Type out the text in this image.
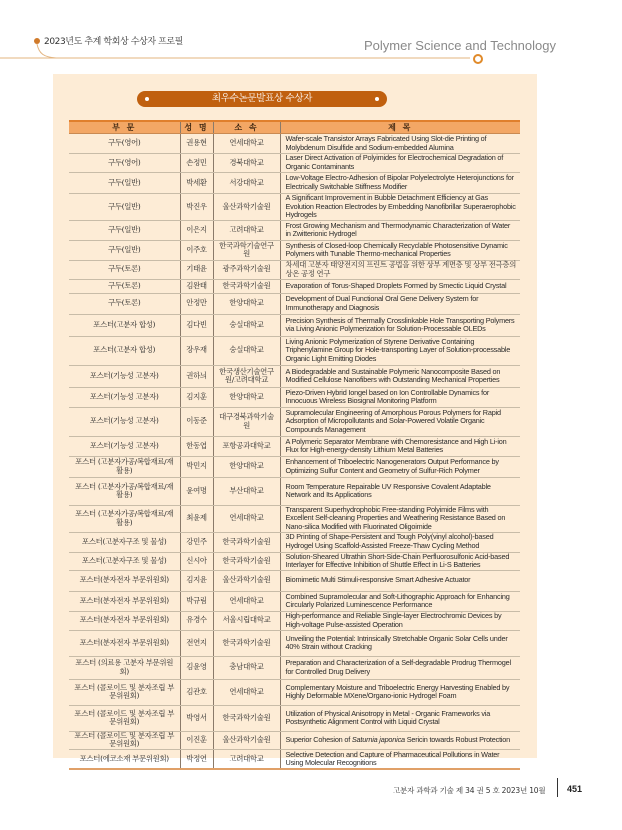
2023년도 추계 학회상 수상자 프로필	Polymer Science and Technology
최우수논문발표상 수상자
부 문	성 명	소 속	제 목
구두(영어)	권용현	연세대학교	Wafer-scale Transistor Arrays Fabricated Using Slot-die Printing of Molybdenum Disulfide and Sodium-embedded Alumina
구두(영어)	손정민	경북대학교	Laser Direct Activation of Polyimides for Electrochemical Degradation of Organic Contaminants
구두(일반)	박세환	서강대학교	Low-Voltage Electro-Adhesion of Bipolar Polyelectrolyte Heterojunctions for Electrically Switchable Stiffness Modifier
구두(일반)	박진우	울산과학기술원	A Significant Improvement in Bubble Detachment Efficiency at Gas Evolution Reaction Electrodes by Embedding Nanofibrillar Superaerophobic Hydrogels
구두(일반)	이은지	고려대학교	Frost Growing Mechanism and Thermodynamic Characterization of Water in Zwitterionic Hydrogel
구두(일반)	이주호	한국과학기술연구원	Synthesis of Closed-loop Chemically Recyclable Photosensitive Dynamic Polymers with Tunable Thermo-mechanical Properties
구두(토론)	기태윤	광주과학기술원	차세대 고분자 태양전지의 프린트 공법을 위한 상부 계면층 및 상부 전극층의 상온 공정 연구
구두(토론)	김완태	한국과학기술원	Evaporation of Torus-Shaped Droplets Formed by Smectic Liquid Crystal
구두(토론)	안정만	한양대학교	Development of Dual Functional Oral Gene Delivery System for Immunotherapy and Diagnosis
포스터(고분자 합성)	김다빈	숭실대학교	Precision Synthesis of Thermally Crosslinkable Hole Transporting Polymers via Living Anionic Polymerization for Solution-Processable OLEDs
포스터(고분자 합성)	장우재	숭실대학교	Living Anionic Polymerization of Styrene Derivative Containing Triphenylamine Group for Hole-transporting Layer of Solution-processable Organic Light Emitting Diodes
포스터(기능성 고분자)	권하늬	한국생산기술연구원/고려대학교	A Biodegradable and Sustainable Polymeric Nanocomposite Based on Modified Cellulose Nanofibers with Outstanding Mechanical Properties
포스터(기능성 고분자)	김지훈	한양대학교	Piezo-Driven Hybrid Iongel based on Ion Controllable Dynamics for Innocuous Wireless Biosignal Monitoring Platform
포스터(기능성 고분자)	이동준	대구경북과학기술원	Supramolecular Engineering of Amorphous Porous Polymers for Rapid Adsorption of Micropollutants and Solar-Powered Volatile Organic Compounds Management
포스터(기능성 고분자)	한동엽	포항공과대학교	A Polymeric Separator Membrane with Chemoresistance and High Li-ion Flux for High-energy-density Lithium Metal Batteries
포스터 (고분자가공/복합재료/재활용)	박민지	한양대학교	Enhancement of Triboelectric Nanogenerators Output Performance by Optimizing Sulfur Content and Geometry of Sulfur-Rich Polymer
포스터 (고분자가공/복합재료/재활용)	윤여명	부산대학교	Room Temperature Repairable UV Responsive Covalent Adaptable Network and Its Applications
포스터 (고분자가공/복합재료/재활용)	최윤제	연세대학교	Transparent Superhydrophobic Free-standing Polyimide Films with Excellent Self-cleaning Properties and Weathering Resistance Based on Nano-silica Modified with Fluorinated Oligoimide
포스터(고분자구조 및 물성)	강민주	한국과학기술원	3D Printing of Shape-Persistent and Tough Poly(vinyl alcohol)-based Hydrogel Using Scaffold-Assisted Freeze-Thaw Cycling Method
포스터(고분자구조 및 물성)	신시아	한국과학기술원	Solution-Sheared Ultrathin Short-Side-Chain Perfluorosulfonic Acid-based Interlayer for Effective Inhibition of Shuttle Effect in Li-S Batteries
포스터(분자전자 부문위원회)	김지윤	울산과학기술원	Biomimetic Multi Stimuli-responsive Smart Adhesive Actuator
포스터(분자전자 부문위원회)	박규림	연세대학교	Combined Supramolecular and Soft-Lithographic Approach for Enhancing Circularly Polarized Luminescence Performance
포스터(분자전자 부문위원회)	유경수	서울시립대학교	High-performance and Reliable Single-layer Electrochromic Devices by High-voltage Pulse-assisted Operation
포스터(분자전자 부문위원회)	전연지	한국과학기술원	Unveiling the Potential: Intrinsically Stretchable Organic Solar Cells under 40% Strain without Cracking
포스터 (의료용 고분자 부문위원회)	김윤영	충남대학교	Preparation and Characterization of a Self-degradable Prodrug Thermogel for Controlled Drug Delivery
포스터 (콜로이드 및 분자조립 부문위원회)	김관호	연세대학교	Complementary Moisture and Triboelectric Energy Harvesting Enabled by Highly Deformable MXene/Organo-ionic Hydrogel Foam
포스터 (콜로이드 및 분자조립 부문위원회)	박영서	한국과학기술원	Utilization of Physical Anisotropy in Metal - Organic Frameworks via Postsynthetic Alignment Control with Liquid Crystal
포스터 (콜로이드 및 분자조립 부문위원회)	이진훈	울산과학기술원	Superior Cohesion of Saturnia japonica Sericin towards Robust Protection
포스터(에코소재 부문위원회)	박정연	고려대학교	Selective Detection and Capture of Pharmaceutical Pollutions in Water Using Molecular Recognitions
고분자 과학과 기술 제 34 권 5 호 2023년 10월 451
